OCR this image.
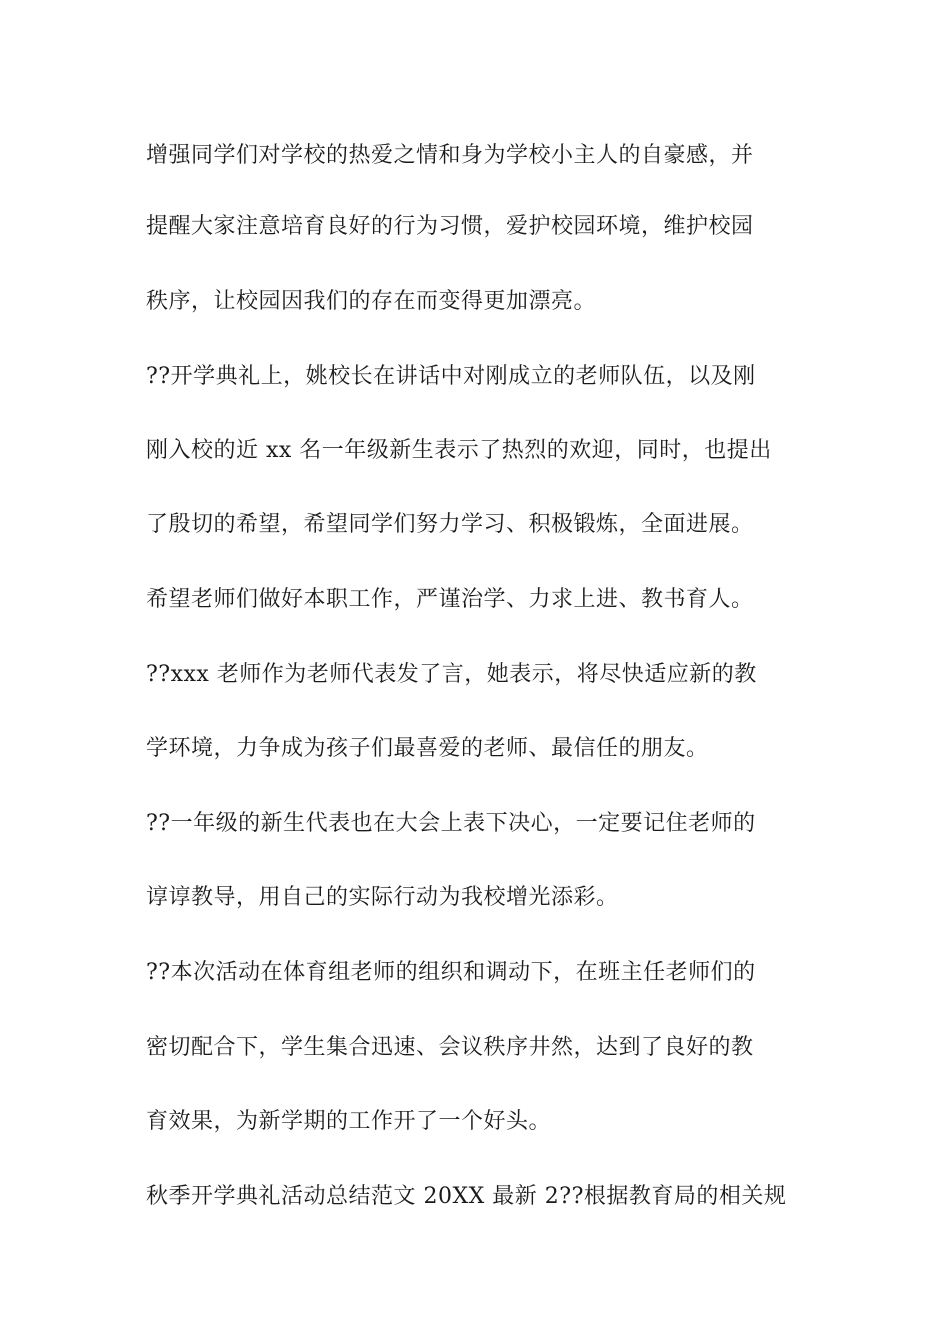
增强同学们对学校的热爱之情和身为学校小主人的自豪感，并
提醒大家注意培育良好的行为习惯，爱护校园环境，维护校园
秩序，让校园因我们的存在而变得更加漂亮。
??开学典礼上，姚校长在讲话中对刚成立的老师队伍，以及刚
刚入校的近 xx 名一年级新生表示了热烈的欢迎，同时，也提出
了殷切的希望，希望同学们努力学习、积极锻炼，全面进展。
希望老师们做好本职工作，严谨治学、力求上进、教书育人。
??xxx 老师作为老师代表发了言，她表示，将尽快适应新的教
学环境，力争成为孩子们最喜爱的老师、最信任的朋友。
??一年级的新生代表也在大会上表下决心，一定要记住老师的
谆谆教导，用自己的实际行动为我校增光添彩。
??本次活动在体育组老师的组织和调动下，在班主任老师们的
密切配合下，学生集合迅速、会议秩序井然，达到了良好的教
育效果，为新学期的工作开了一个好头。
秋季开学典礼活动总结范文 20XX 最新 2??根据教育局的相关规
